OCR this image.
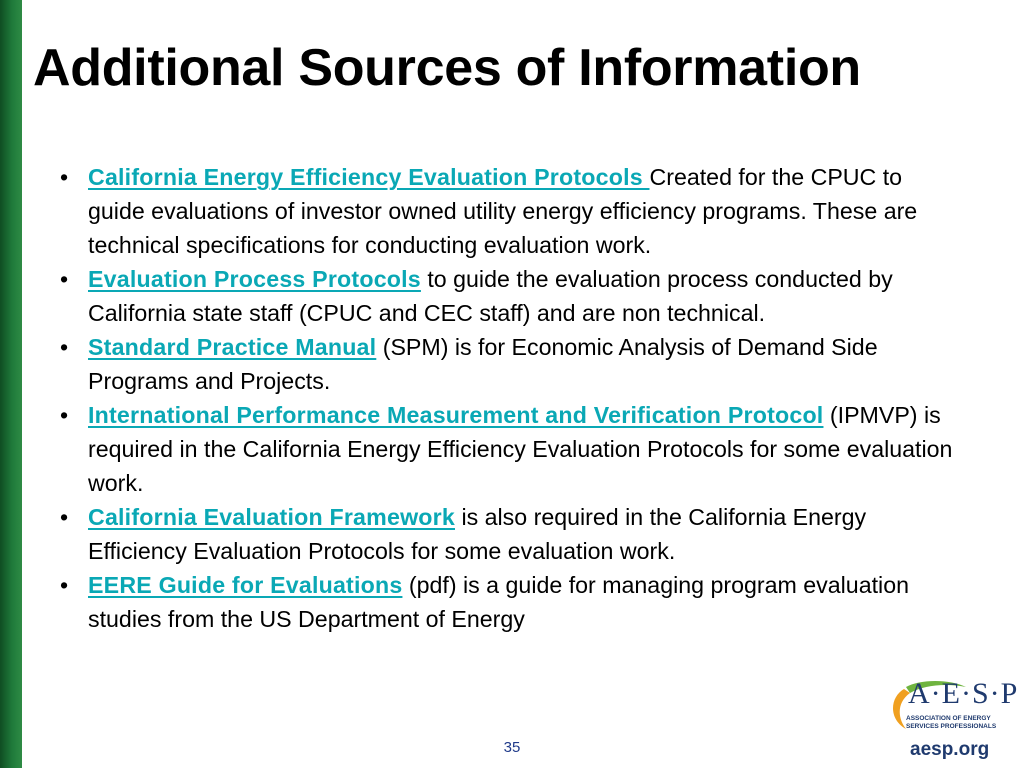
Additional Sources of Information
• California Energy Efficiency Evaluation Protocols Created for the CPUC to guide evaluations of investor owned utility energy efficiency programs. These are technical specifications for conducting evaluation work.
• Evaluation Process Protocols to guide the evaluation process conducted by California state staff (CPUC and CEC staff) and are non technical.
• Standard Practice Manual (SPM) is for Economic Analysis of Demand Side Programs and Projects.
• International Performance Measurement and Verification Protocol (IPMVP) is required in the California Energy Efficiency Evaluation Protocols for some evaluation work.
• California Evaluation Framework is also required in the California Energy Efficiency Evaluation Protocols for some evaluation work.
• EERE Guide for Evaluations (pdf) is a guide for managing program evaluation studies from the US Department of Energy
35
A·E·S·P
ASSOCIATION OF ENERGY SERVICES PROFESSIONALS
aesp.org
